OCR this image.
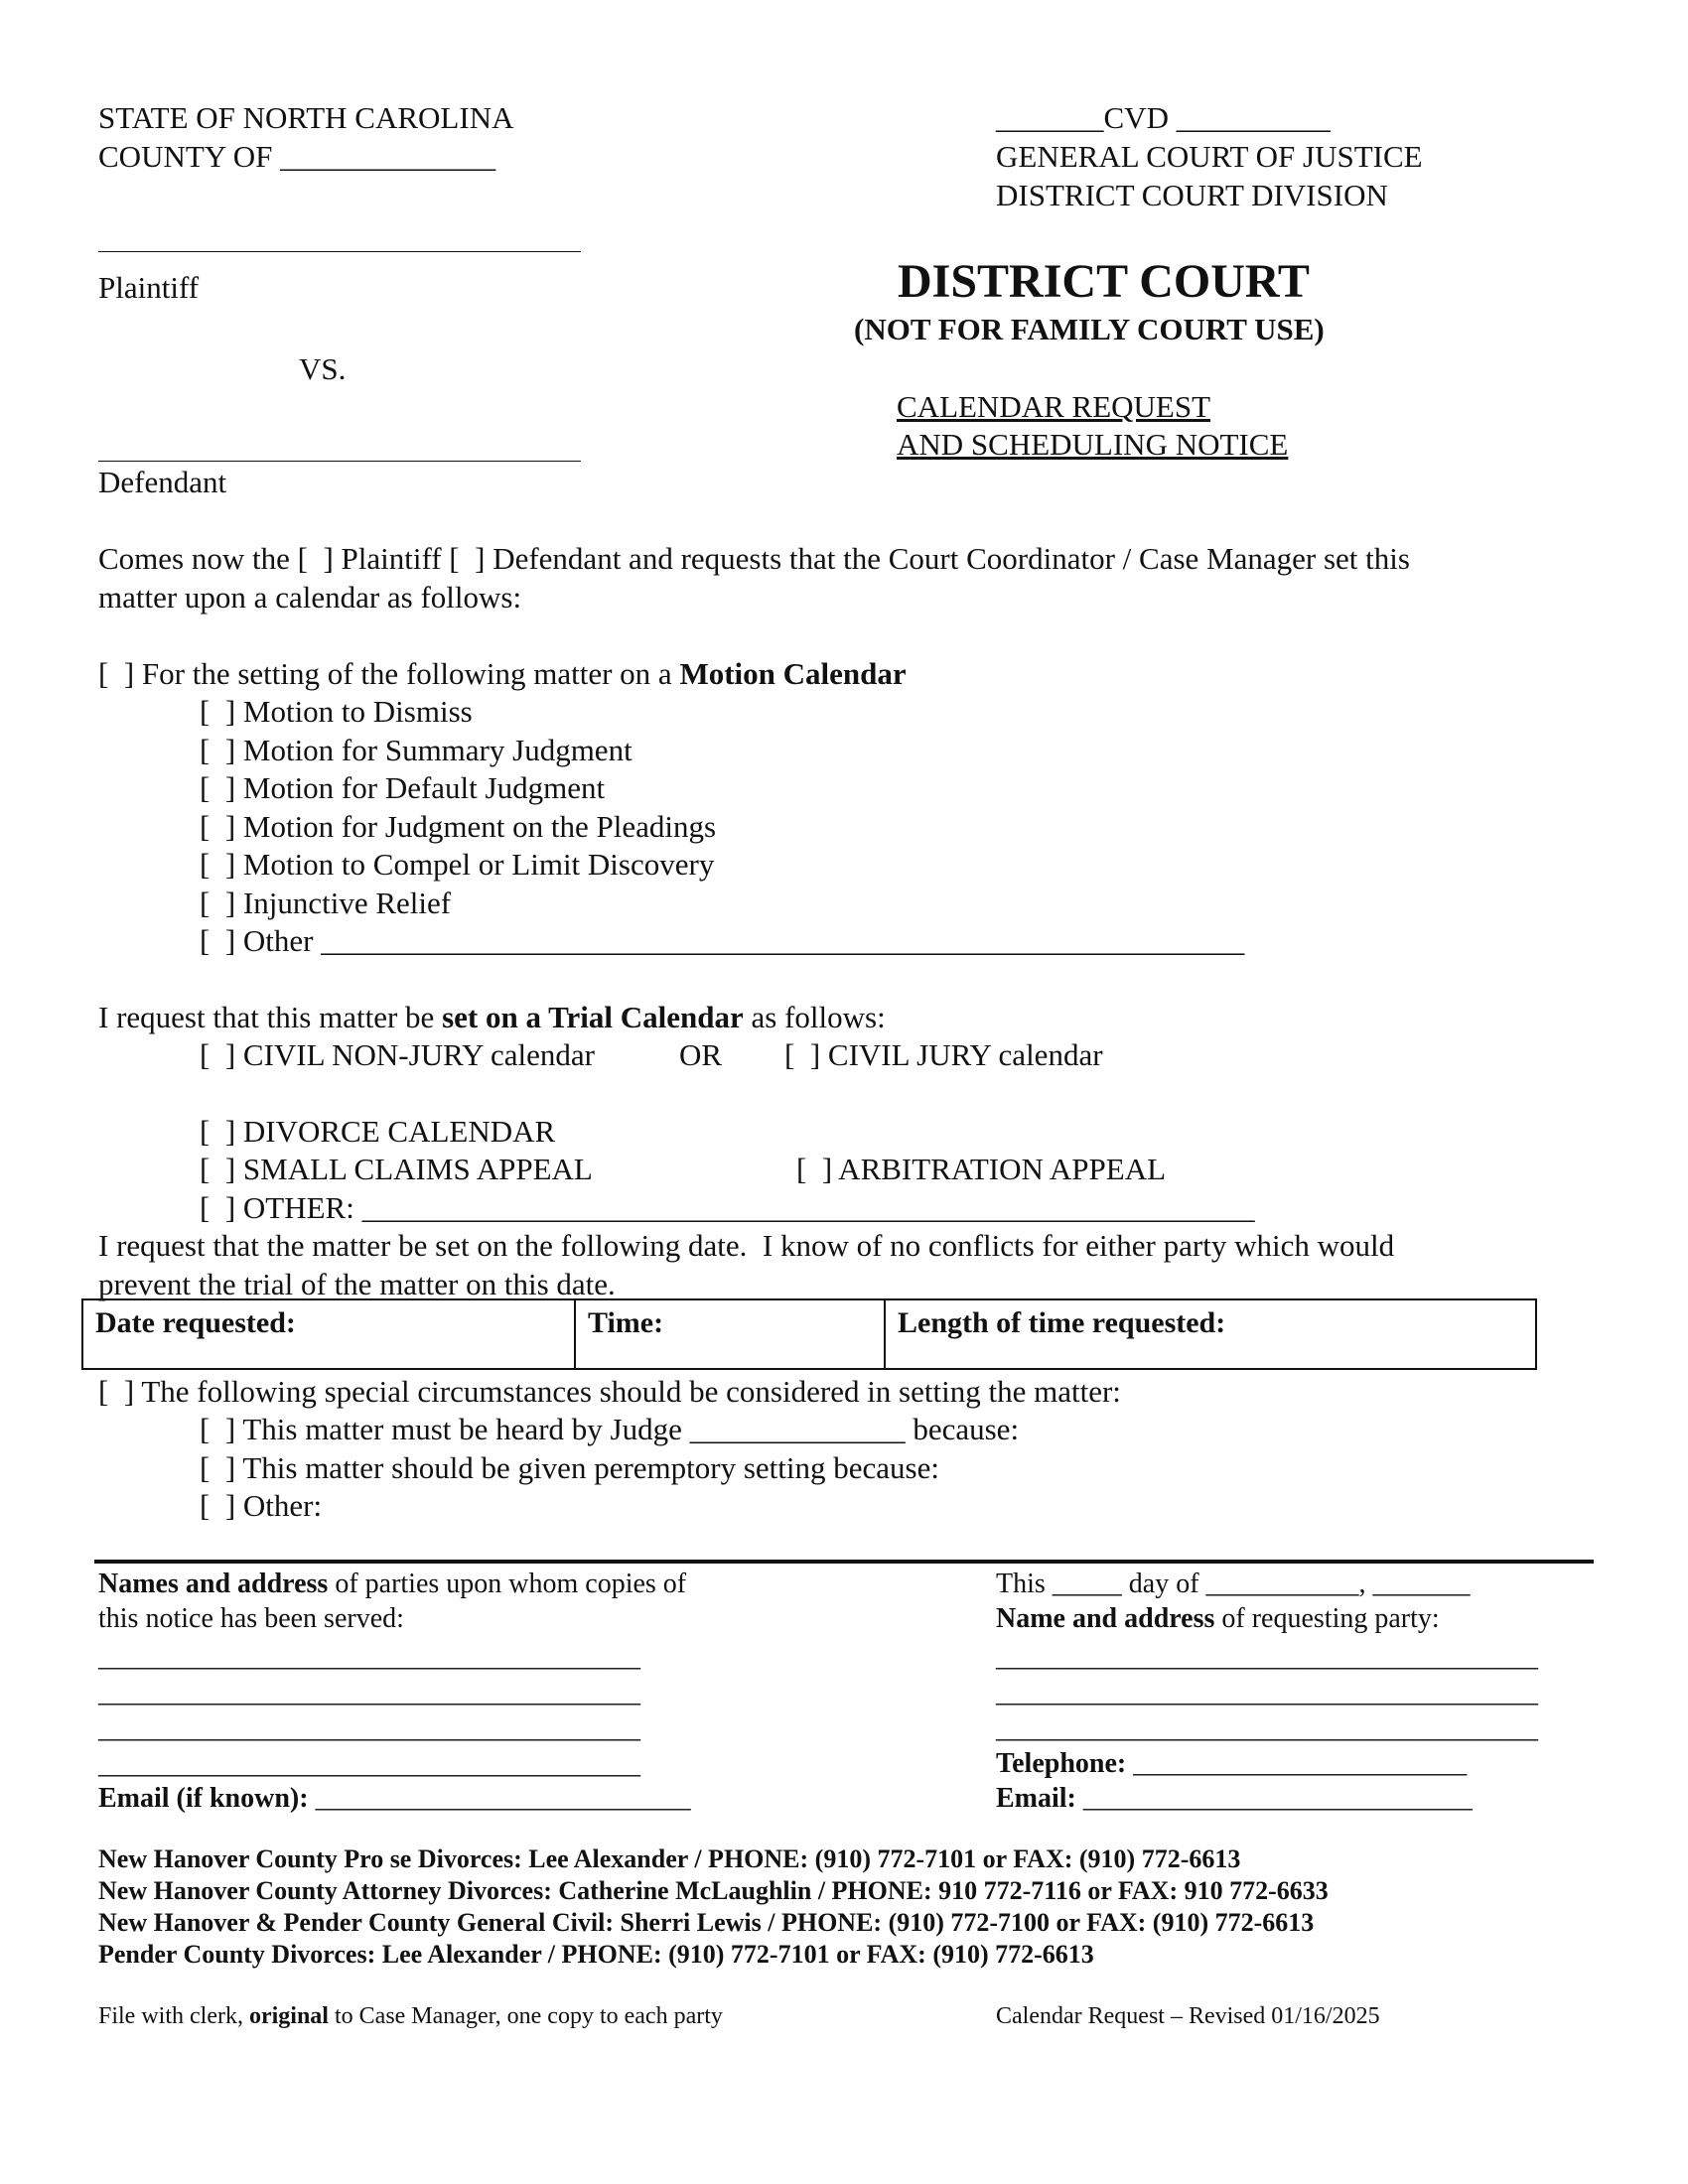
STATE OF NORTH CAROLINA
COUNTY OF ______________
Plaintiff
VS.
Defendant
_______CVD __________
GENERAL COURT OF JUSTICE
DISTRICT COURT DIVISION
DISTRICT COURT
(NOT FOR FAMILY COURT USE)
CALENDAR REQUEST
AND SCHEDULING NOTICE
Comes now the [  ] Plaintiff [  ] Defendant and requests that the Court Coordinator / Case Manager set this
matter upon a calendar as follows:
[  ] For the setting of the following matter on a Motion Calendar
[  ] Motion to Dismiss
[  ] Motion for Summary Judgment
[  ] Motion for Default Judgment
[  ] Motion for Judgment on the Pleadings
[  ] Motion to Compel or Limit Discovery
[  ] Injunctive Relief
[  ] Other ____________________________________________________________
I request that this matter be set on a Trial Calendar as follows:
[  ] CIVIL NON-JURY calendar	OR [  ] CIVIL JURY calendar
[  ] DIVORCE CALENDAR
[  ] SMALL CLAIMS APPEAL	[  ] ARBITRATION APPEAL
[  ] OTHER: __________________________________________________________
I request that the matter be set on the following date.  I know of no conflicts for either party which would
prevent the trial of the matter on this date.
Date requested:	Time:	Length of time requested:
[  ] The following special circumstances should be considered in setting the matter:
[  ] This matter must be heard by Judge ______________ because:
[  ] This matter should be given peremptory setting because:
[  ] Other:
Names and address of parties upon whom copies of
this notice has been served:
_______________________________________
_______________________________________
_______________________________________
_______________________________________
Email (if known): ___________________________
This _____ day of ___________, _______
Name and address of requesting party:
_______________________________________
_______________________________________
_______________________________________
Telephone: ________________________
Email: ____________________________
New Hanover County Pro se Divorces: Lee Alexander / PHONE: (910) 772-7101 or FAX: (910) 772-6613
New Hanover County Attorney Divorces: Catherine McLaughlin / PHONE: 910 772-7116 or FAX: 910 772-6633
New Hanover & Pender County General Civil: Sherri Lewis / PHONE: (910) 772-7100 or FAX: (910) 772-6613
Pender County Divorces: Lee Alexander / PHONE: (910) 772-7101 or FAX: (910) 772-6613
File with clerk, original to Case Manager, one copy to each party	Calendar Request – Revised 01/16/2025
